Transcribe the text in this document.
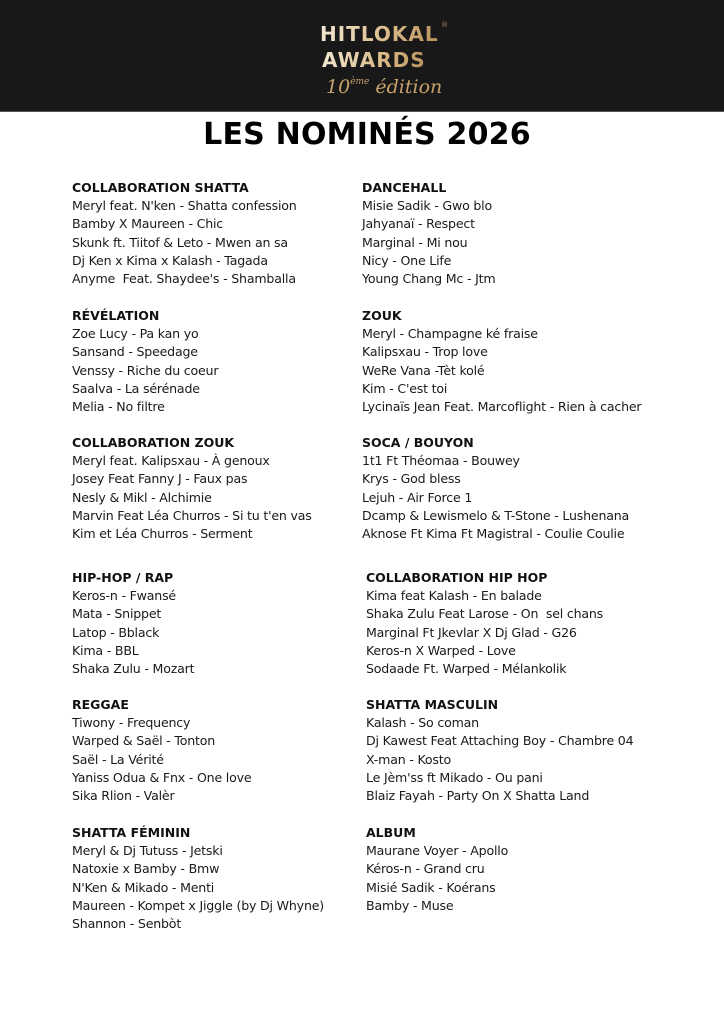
HITLOKAL ®
AWARDS
10ème édition
LES NOMINÉS 2026
COLLABORATION SHATTA
Meryl feat. N'ken - Shatta confession
Bamby X Maureen - Chic
Skunk ft. Tiitof & Leto - Mwen an sa
Dj Ken x Kima x Kalash - Tagada
Anyme  Feat. Shaydee's - Shamballa
DANCEHALL
Misie Sadik - Gwo blo
Jahyanaï - Respect
Marginal - Mi nou
Nicy - One Life
Young Chang Mc - Jtm
RÉVÉLATION
Zoe Lucy - Pa kan yo
Sansand - Speedage
Venssy - Riche du coeur
Saalva - La sérénade
Melia - No filtre
ZOUK
Meryl - Champagne ké fraise
Kalipsxau - Trop love
WeRe Vana -Tèt kolé
Kim - C'est toi
Lycinaïs Jean Feat. Marcoflight - Rien à cacher
COLLABORATION ZOUK
Meryl feat. Kalipsxau - À genoux
Josey Feat Fanny J - Faux pas
Nesly & Mikl - Alchimie
Marvin Feat Léa Churros - Si tu t'en vas
Kim et Léa Churros - Serment
SOCA / BOUYON
1t1 Ft Théomaa - Bouwey
Krys - God bless
Lejuh - Air Force 1
Dcamp & Lewismelo & T-Stone - Lushenana
Aknose Ft Kima Ft Magistral - Coulie Coulie
HIP-HOP / RAP
Keros-n - Fwansé
Mata - Snippet
Latop - Bblack
Kima - BBL
Shaka Zulu - Mozart
COLLABORATION HIP HOP
Kima feat Kalash - En balade
Shaka Zulu Feat Larose - On  sel chans
Marginal Ft Jkevlar X Dj Glad - G26
Keros-n X Warped - Love
Sodaade Ft. Warped - Mélankolik
REGGAE
Tiwony - Frequency
Warped & Saël - Tonton
Saël - La Vérité
Yaniss Odua & Fnx - One love
Sika Rlion - Valèr
SHATTA MASCULIN
Kalash - So coman
Dj Kawest Feat Attaching Boy - Chambre 04
X-man - Kosto
Le Jèm'ss ft Mikado - Ou pani
Blaiz Fayah - Party On X Shatta Land
SHATTA FÉMININ
Meryl & Dj Tutuss - Jetski
Natoxie x Bamby - Bmw
N'Ken & Mikado - Menti
Maureen - Kompet x Jiggle (by Dj Whyne)
Shannon - Senbòt
ALBUM
Maurane Voyer - Apollo
Kéros-n - Grand cru
Misié Sadik - Koérans
Bamby - Muse
